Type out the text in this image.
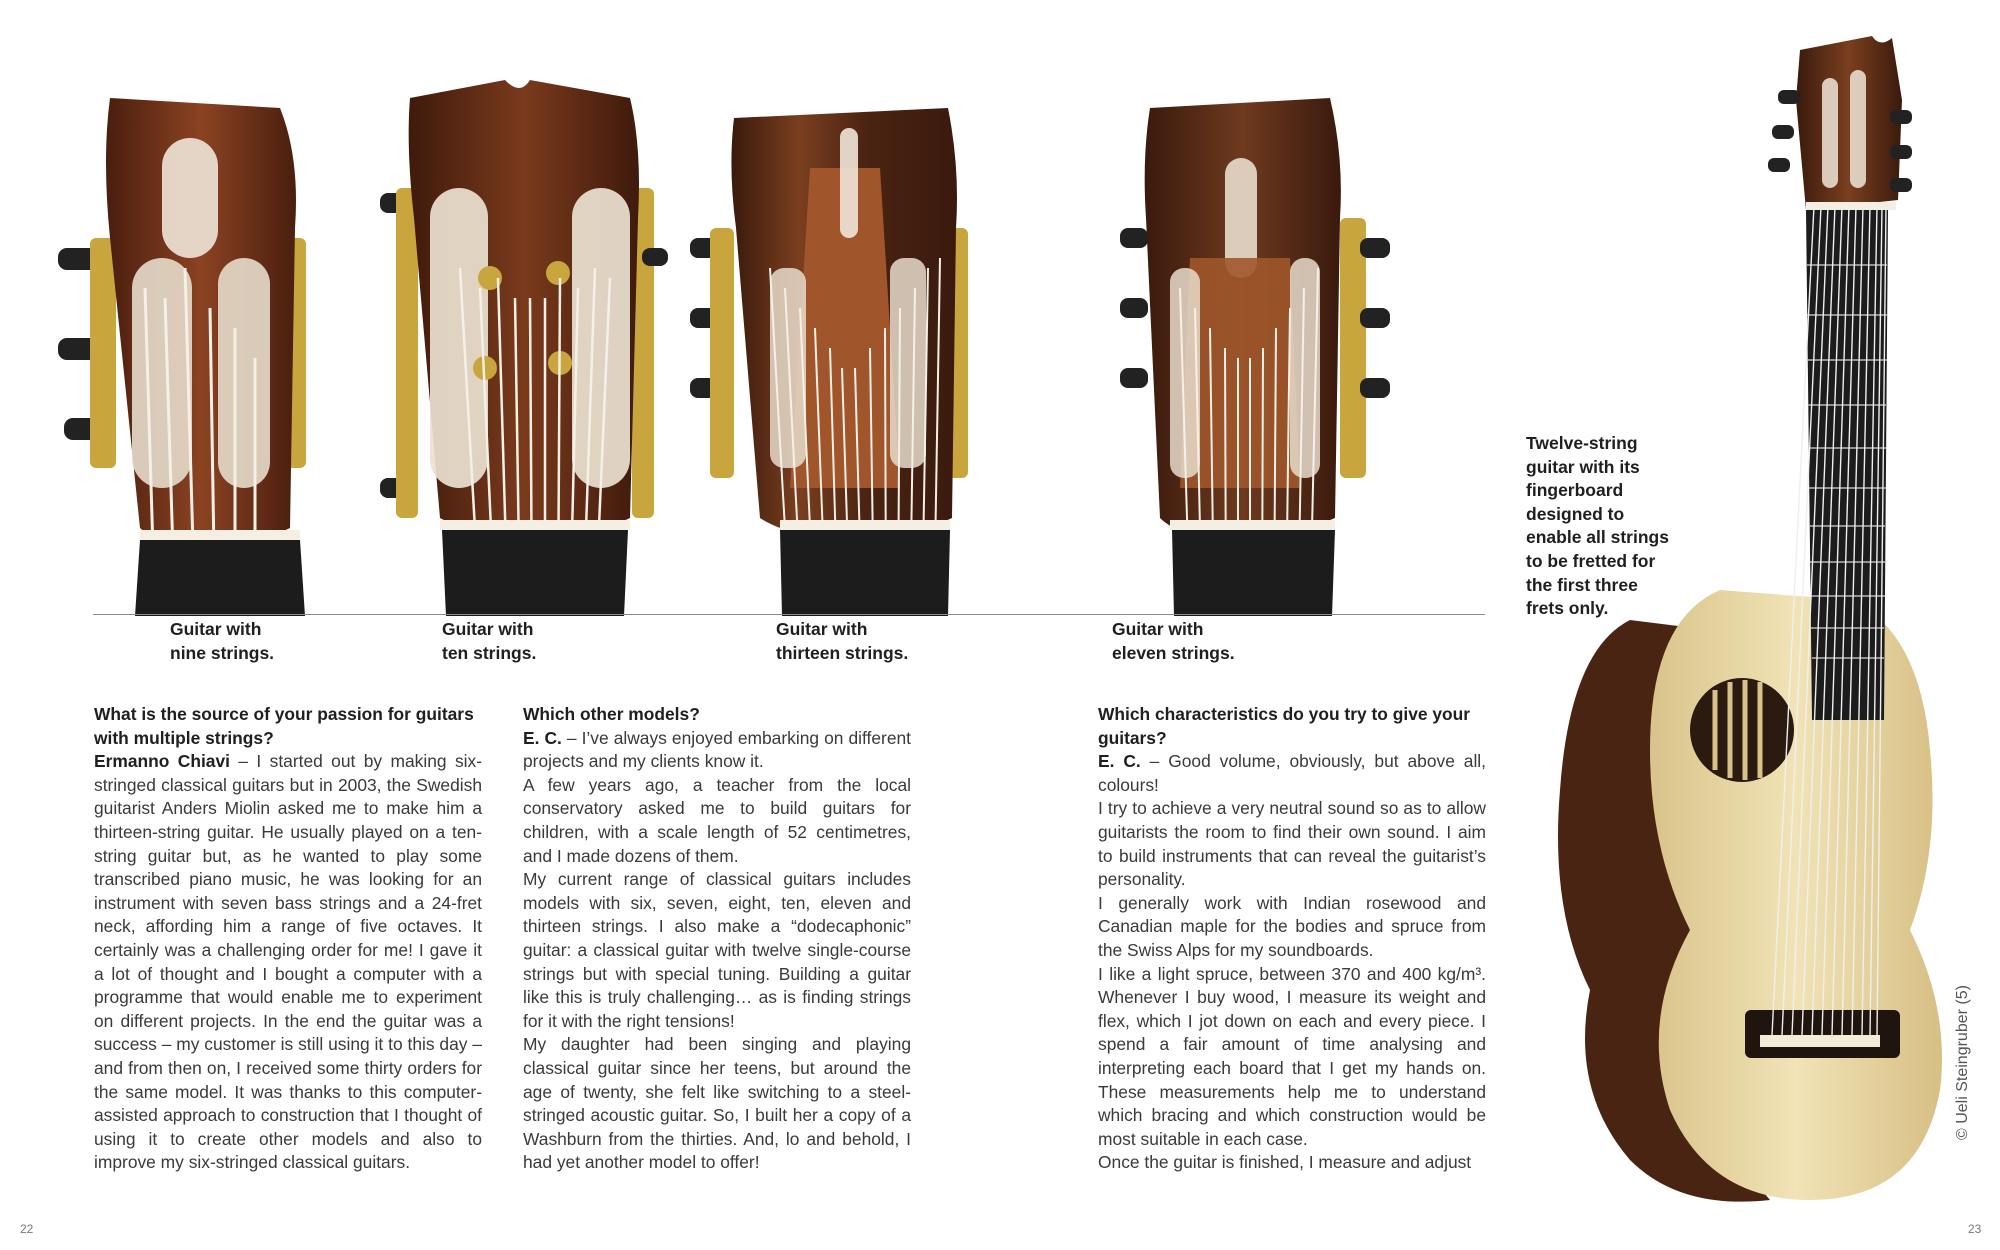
Guitar with
nine strings.
Guitar with
ten strings.
Guitar with
thirteen strings.
Guitar with
eleven strings.

What is the source of your passion for guitars with multiple strings?

Ermanno Chiavi – I started out by making six-stringed classical guitars but in 2003, the Swedish guitarist Anders Miolin asked me to make him a thirteen-string guitar. He usually played on a ten-string guitar but, as he wanted to play some transcribed piano music, he was looking for an instrument with seven bass strings and a 24-fret neck, affording him a range of five octaves. It certainly was a challenging order for me! I gave it a lot of thought and I bought a computer with a programme that would enable me to experiment on different projects. In the end the guitar was a success – my customer is still using it to this day – and from then on, I received some thirty orders for the same model. It was thanks to this computer-assisted approach to construction that I thought of using it to create other models and also to improve my six-stringed classical guitars.

Which other models?

E. C. – I’ve always enjoyed embarking on different projects and my clients know it.

A few years ago, a teacher from the local conservatory asked me to build guitars for children, with a scale length of 52 centimetres, and I made dozens of them.

My current range of classical guitars includes models with six, seven, eight, ten, eleven and thirteen strings. I also make a “dodecaphonic” guitar: a classical guitar with twelve single-course strings but with special tuning. Building a guitar like this is truly challenging… as is finding strings for it with the right tensions!

My daughter had been singing and playing classical guitar since her teens, but around the age of twenty, she felt like switching to a steel-stringed acoustic guitar. So, I built her a copy of a Washburn from the thirties. And, lo and behold, I had yet another model to offer!

Which characteristics do you try to give your guitars?

E. C. – Good volume, obviously, but above all, colours!

I try to achieve a very neutral sound so as to allow guitarists the room to find their own sound. I aim to build instruments that can reveal the guitarist’s personality.

I generally work with Indian rosewood and Canadian maple for the bodies and spruce from the Swiss Alps for my soundboards.

I like a light spruce, between 370 and 400 kg/m³. Whenever I buy wood, I measure its weight and flex, which I jot down on each and every piece. I spend a fair amount of time analysing and interpreting each board that I get my hands on. These measurements help me to understand which bracing and which construction would be most suitable in each case.

Once the guitar is finished, I measure and adjust

Twelve-string
guitar with its
fingerboard
designed to
enable all strings
to be fretted for
the first three
frets only.
© Ueli Steingruber (5)
22	23
